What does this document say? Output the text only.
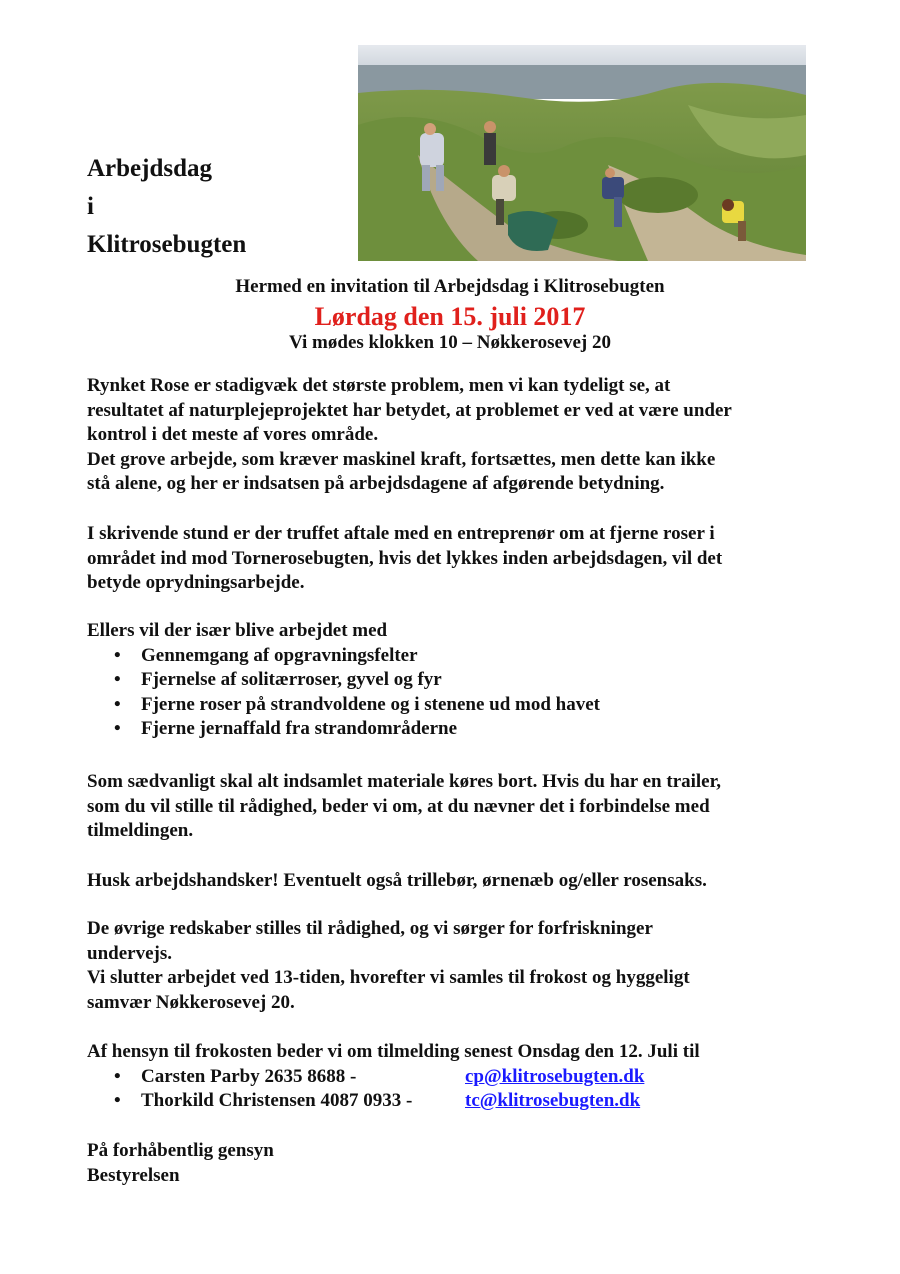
Arbejdsdag
i
Klitrosebugten
Hermed en invitation til Arbejdsdag i Klitrosebugten
Lørdag den 15. juli 2017
Vi mødes klokken 10 – Nøkkerosevej 20
Rynket Rose er stadigvæk det største problem, men vi kan tydeligt se, at
resultatet af naturplejeprojektet har betydet, at problemet er ved at være under
kontrol i det meste af vores område.
Det grove arbejde, som kræver maskinel kraft, fortsættes, men dette kan ikke
stå alene, og her er indsatsen på arbejdsdagene af afgørende betydning.
I skrivende stund er der truffet aftale med en entreprenør om at fjerne roser i
området ind mod Tornerosebugten, hvis det lykkes inden arbejdsdagen, vil det
betyde oprydningsarbejde.
Ellers vil der især blive arbejdet med
• Gennemgang af opgravningsfelter
• Fjernelse af solitærroser, gyvel og fyr
• Fjerne roser på strandvoldene og i stenene ud mod havet
• Fjerne jernaffald fra strandområderne
Som sædvanligt skal alt indsamlet materiale køres bort. Hvis du har en trailer,
som du vil stille til rådighed, beder vi om, at du nævner det i forbindelse med
tilmeldingen.
Husk arbejdshandsker! Eventuelt også trillebør, ørnenæb og/eller rosensaks.
De øvrige redskaber stilles til rådighed, og vi sørger for forfriskninger
undervejs.
Vi slutter arbejdet ved 13-tiden, hvorefter vi samles til frokost og hyggeligt
samvær Nøkkerosevej 20.
Af hensyn til frokosten beder vi om tilmelding senest Onsdag den 12. Juli til
• Carsten Parby 2635 8688 -	cp@klitrosebugten.dk
• Thorkild Christensen 4087 0933 -	tc@klitrosebugten.dk
På forhåbentlig gensyn
Bestyrelsen
